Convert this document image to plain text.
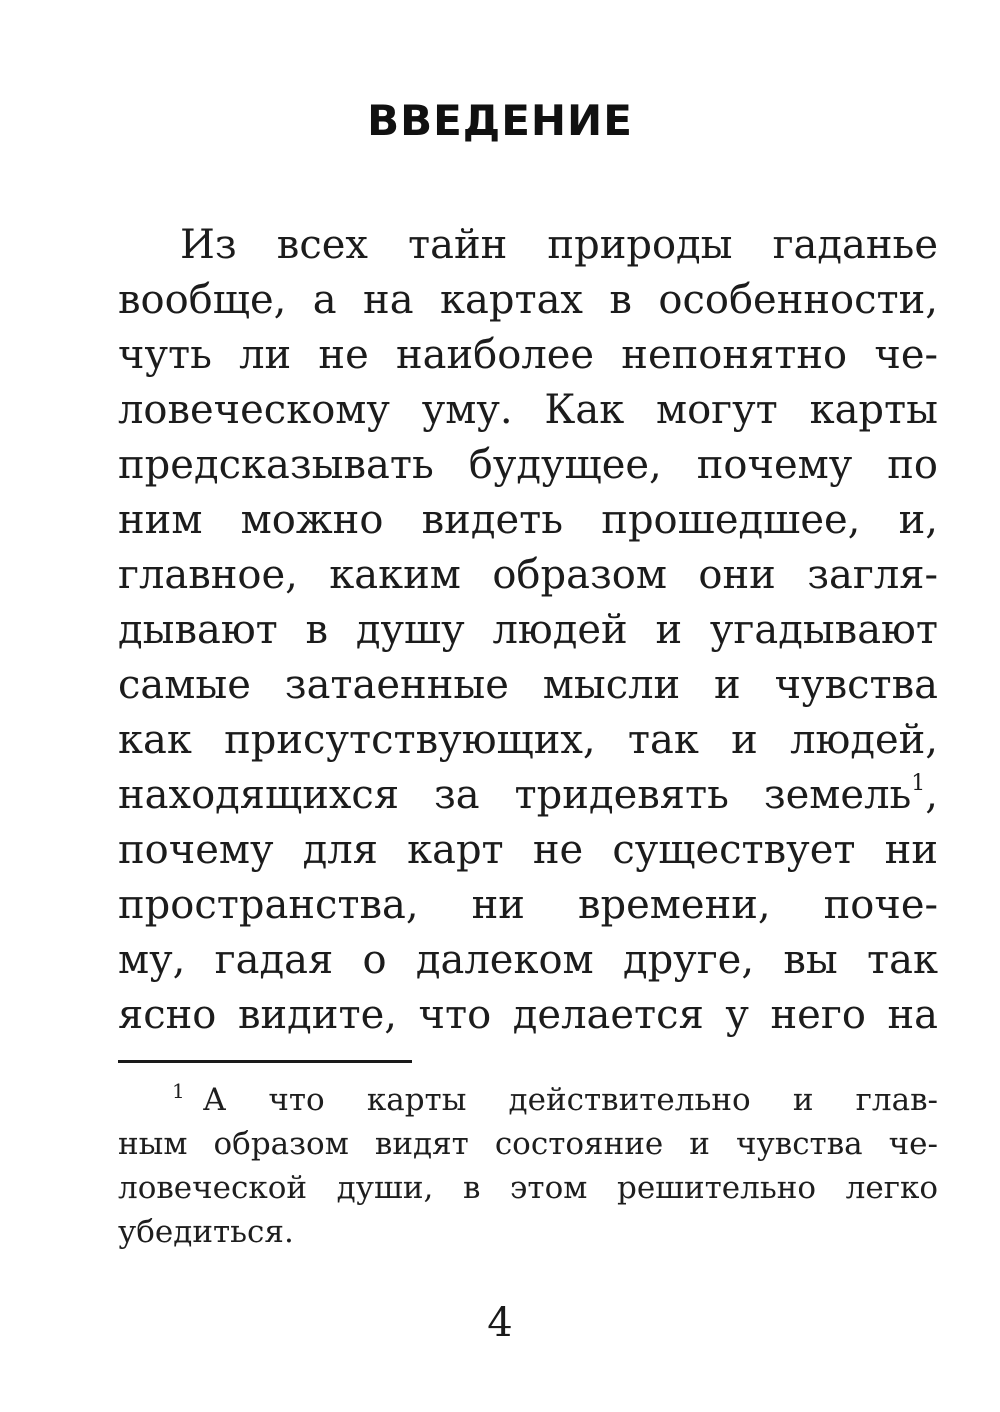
ВВЕДЕНИЕ
Из всех тайн природы гаданье
вообще, а на картах в особенности,
чуть ли не наиболее непонятно че-
ловеческому уму. Как могут карты
предсказывать будущее, почему по
ним можно видеть прошедшее, и,
главное, каким образом они загля-
дывают в душу людей и угадывают
самые затаенные мысли и чувства
как присутствующих, так и людей,
находящихся за тридевять земель$^1$,
почему для карт не существует ни
пространства, ни времени, поче-
му, гадая о далеком друге, вы так
ясно видите, что делается у него на
$^1$ А что карты действительно и глав-
ным образом видят состояние и чувства че-
ловеческой души, в этом решительно легко
убедиться.
4
